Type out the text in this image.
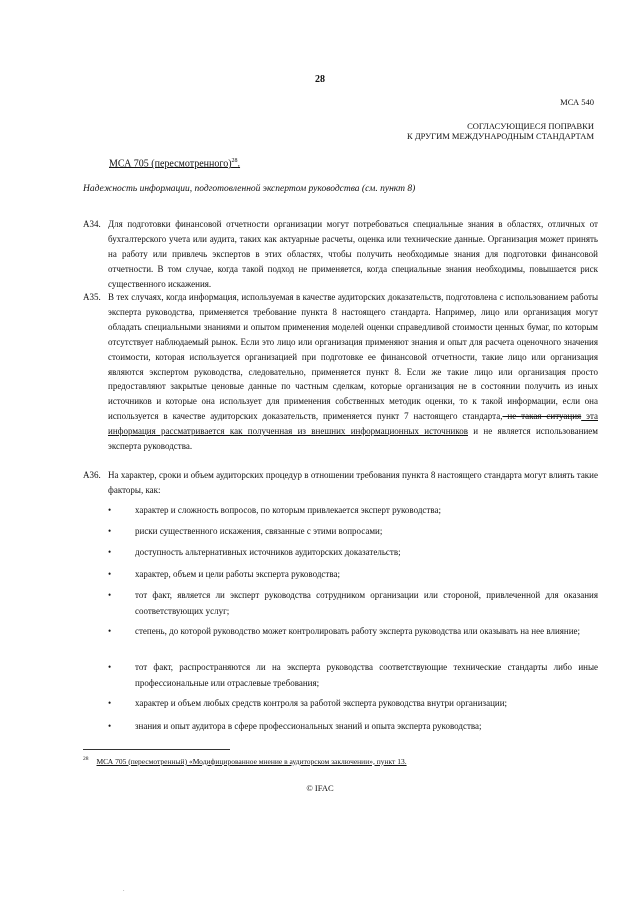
28
МСА 540
СОГЛАСУЮЩИЕСЯ ПОПРАВКИ
К ДРУГИМ МЕЖДУНАРОДНЫМ СТАНДАРТАМ
МСА 705 (пересмотренного)$^{28}$.
Надежность информации, подготовленной экспертом руководства (см. пункт 8)
A34. Для подготовки финансовой отчетности организации могут потребоваться специальные знания в областях, отличных от бухгалтерского учета или аудита, таких как актуарные расчеты, оценка или технические данные. Организация может принять на работу или привлечь экспертов в этих областях, чтобы получить необходимые знания для подготовки финансовой отчетности. В том случае, когда такой подход не применяется, когда специальные знания необходимы, повышается риск существенного искажения.
A35. В тех случаях, когда информация, используемая в качестве аудиторских доказательств, подготовлена с использованием работы эксперта руководства, применяется требование пункта 8 настоящего стандарта. Например, лицо или организация могут обладать специальными знаниями и опытом применения моделей оценки справедливой стоимости ценных бумаг, по которым отсутствует наблюдаемый рынок. Если это лицо или организация применяют знания и опыт для расчета оценочного значения стоимости, которая используется организацией при подготовке ее финансовой отчетности, такие лицо или организация являются экспертом руководства, следовательно, применяется пункт 8. Если же такие лицо или организация просто предоставляют закрытые ценовые данные по частным сделкам, которые организация не в состоянии получить из иных источников и которые она использует для применения собственных методик оценки, то к такой информации, если она используется в качестве аудиторских доказательств, применяется пункт 7 настоящего стандарта, не такая ситуация эта информация рассматривается как полученная из внешних информационных источников и не является использованием эксперта руководства.
A36. На характер, сроки и объем аудиторских процедур в отношении требования пункта 8 настоящего стандарта могут влиять такие факторы, как:
•	характер и сложность вопросов, по которым привлекается эксперт руководства;
•	риски существенного искажения, связанные с этими вопросами;
•	доступность альтернативных источников аудиторских доказательств;
•	характер, объем и цели работы эксперта руководства;
•	тот факт, является ли эксперт руководства сотрудником организации или стороной, привлеченной для оказания соответствующих услуг;
•	степень, до которой руководство может контролировать работу эксперта руководства или оказывать на нее влияние;
•	тот факт, распространяются ли на эксперта руководства соответствующие технические стандарты либо иные профессиональные или отраслевые требования;
•	характер и объем любых средств контроля за работой эксперта руководства внутри организации;
•	знания и опыт аудитора в сфере профессиональных знаний и опыта эксперта руководства;
$^{28}$ МСА 705 (пересмотренный) «Модифицированное мнение в аудиторском заключении», пункт 13.
© IFAC
.
